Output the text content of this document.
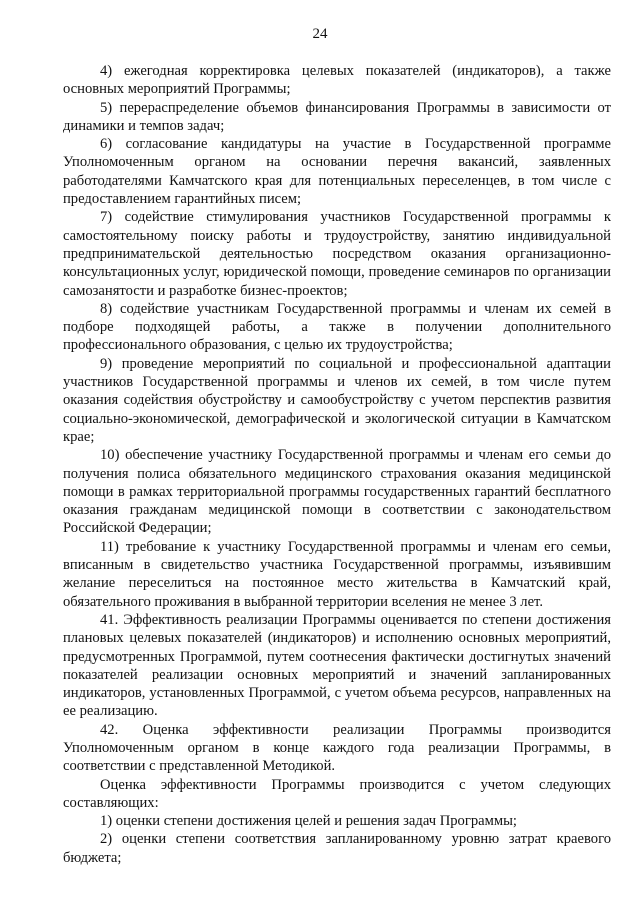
24

4) ежегодная корректировка целевых показателей (индикаторов), а также основных мероприятий Программы;

5) перераспределение объемов финансирования Программы в зависимости от динамики и темпов задач;

6) согласование кандидатуры на участие в Государственной программе Уполномоченным органом на основании перечня вакансий, заявленных работодателями Камчатского края для потенциальных переселенцев, в том числе с предоставлением гарантийных писем;

7) содействие стимулирования участников Государственной программы к самостоятельному поиску работы и трудоустройству, занятию индивидуальной предпринимательской деятельностью посредством оказания организационно-консультационных услуг, юридической помощи, проведение семинаров по организации самозанятости и разработке бизнес-проектов;

8) содействие участникам Государственной программы и членам их семей в подборе подходящей работы, а также в получении дополнительного профессионального образования, с целью их трудоустройства;

9) проведение мероприятий по социальной и профессиональной адаптации участников Государственной программы и членов их семей, в том числе путем оказания содействия обустройству и самообустройству с учетом перспектив развития социально-экономической, демографической и экологической ситуации в Камчатском крае;

10) обеспечение участнику Государственной программы и членам его семьи до получения полиса обязательного медицинского страхования оказания медицинской помощи в рамках территориальной программы государственных гарантий бесплатного оказания гражданам медицинской помощи в соответствии с законодательством Российской Федерации;

11) требование к участнику Государственной программы и членам его семьи, вписанным в свидетельство участника Государственной программы, изъявившим желание переселиться на постоянное место жительства в Камчатский край, обязательного проживания в выбранной территории вселения не менее 3 лет.

41. Эффективность реализации Программы оценивается по степени достижения плановых целевых показателей (индикаторов) и исполнению основных мероприятий, предусмотренных Программой, путем соотнесения фактически достигнутых значений показателей реализации основных мероприятий и значений запланированных индикаторов, установленных Программой, с учетом объема ресурсов, направленных на ее реализацию.

42. Оценка эффективности реализации Программы производится Уполномоченным органом в конце каждого года реализации Программы, в соответствии с представленной Методикой.

Оценка эффективности Программы производится с учетом следующих составляющих:

1) оценки степени достижения целей и решения задач Программы;

2) оценки степени соответствия запланированному уровню затрат краевого бюджета;
